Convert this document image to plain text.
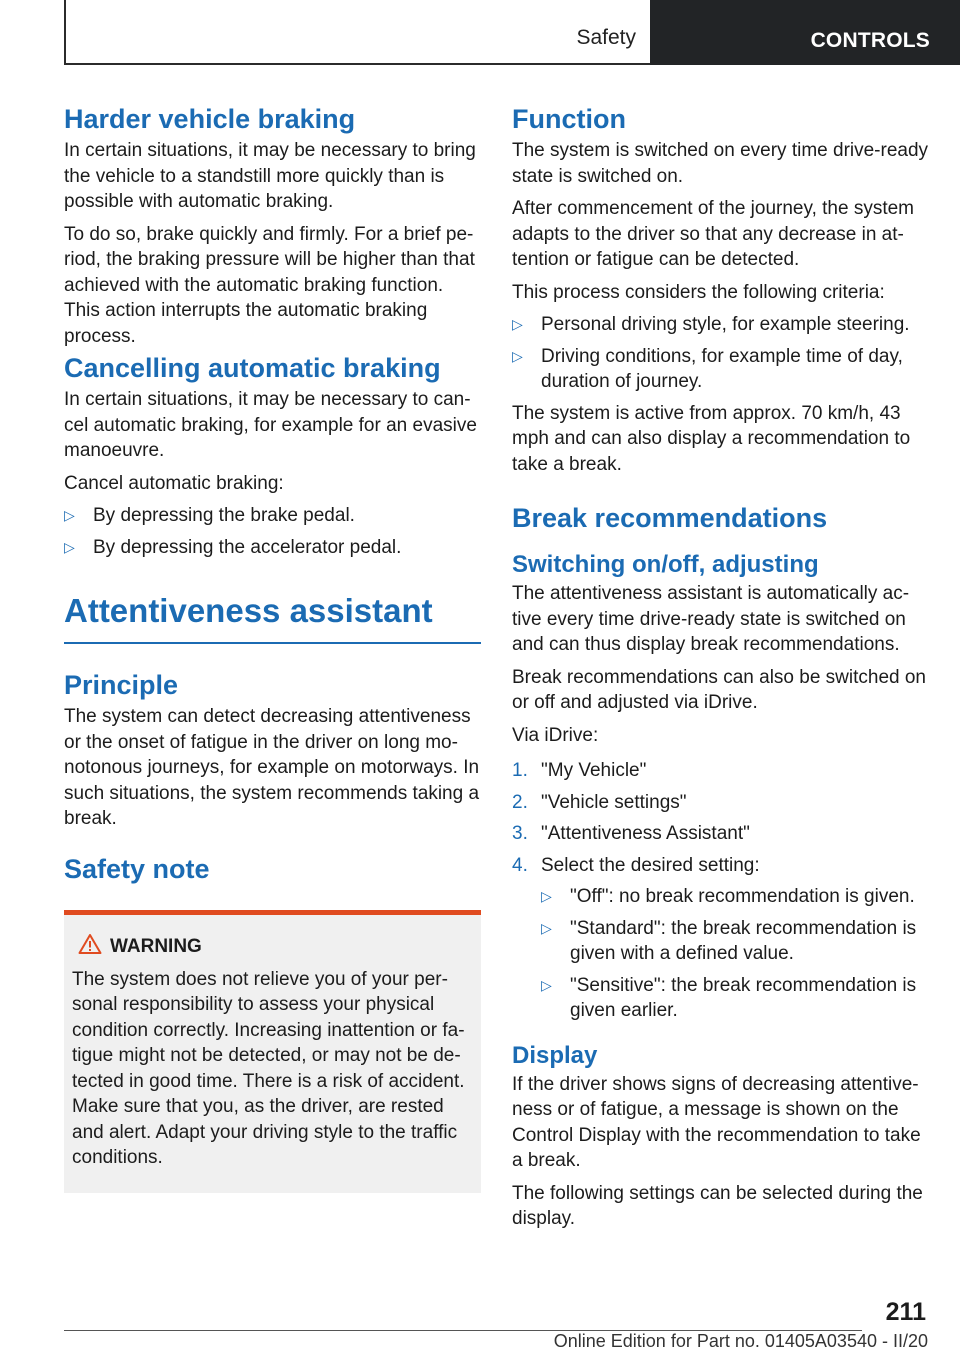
Safety	CONTROLS
Harder vehicle braking

In certain situations, it may be necessary to bring the vehicle to a standstill more quickly than is possible with automatic braking.

To do so, brake quickly and firmly. For a brief pe‐riod, the braking pressure will be higher than that achieved with the automatic braking function. This action interrupts the automatic braking process.

Cancelling automatic braking

In certain situations, it may be necessary to can‐cel automatic braking, for example for an evasive manoeuvre.

Cancel automatic braking:

▷ By depressing the brake pedal.
▷ By depressing the accelerator pedal.
Attentiveness assistant
Principle

The system can detect decreasing attentiveness or the onset of fatigue in the driver on long mo‐notonous journeys, for example on motorways. In such situations, the system recommends taking a break.

Safety note
WARNING

The system does not relieve you of your per‐sonal responsibility to assess your physical condition correctly. Increasing inattention or fa‐tigue might not be detected, or may not be de‐tected in good time. There is a risk of accident. Make sure that you, as the driver, are rested and alert. Adapt your driving style to the traffic conditions.

Function

The system is switched on every time drive-ready state is switched on.

After commencement of the journey, the system adapts to the driver so that any decrease in at‐tention or fatigue can be detected.

This process considers the following criteria:

▷ Personal driving style, for example steering.
▷ Driving conditions, for example time of day, duration of journey.

The system is active from approx. 70 km/h, 43 mph and can also display a recommendation to take a break.

Break recommendations
Switching on/off, adjusting

The attentiveness assistant is automatically ac‐tive every time drive-ready state is switched on and can thus display break recommendations.

Break recommendations can also be switched on or off and adjusted via iDrive.

Via iDrive:

1. "My Vehicle"
2. "Vehicle settings"
3. "Attentiveness Assistant"
4. Select the desired setting:
▷ "Off": no break recommendation is given.
▷ "Standard": the break recommendation is given with a defined value.
▷ "Sensitive": the break recommendation is given earlier.
Display

If the driver shows signs of decreasing attentive‐ness or of fatigue, a message is shown on the Control Display with the recommendation to take a break.

The following settings can be selected during the display.

211
Online Edition for Part no. 01405A03540 - II/20
